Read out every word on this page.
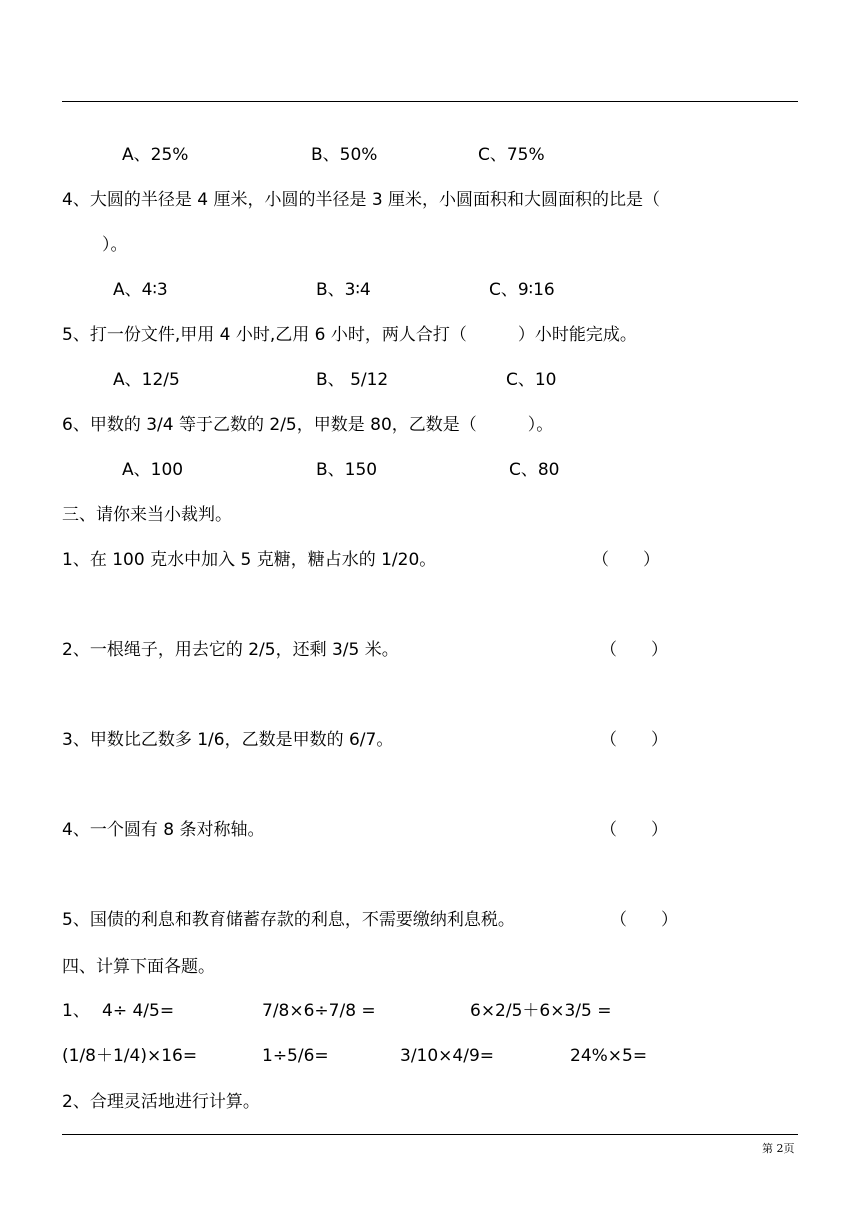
A、25%	B、50%	C、75%
4、大圆的半径是 4 厘米，小圆的半径是 3 厘米，小圆面积和大圆面积的比是（
）。
A、4∶3	B、3∶4	C、9∶16
5、打一份文件,甲用 4 小时,乙用 6 小时，两人合打（　　　）小时能完成。
A、12/5	B、 5/12	C、10
6、甲数的 3/4 等于乙数的 2/5，甲数是 80，乙数是（　　　）。
A、100	B、150	C、80
三、请你来当小裁判。
1、在 100 克水中加入 5 克糖，糖占水的 1/20。	（　　）
2、一根绳子，用去它的 2/5，还剩 3/5 米。	（　　）
3、甲数比乙数多 1/6，乙数是甲数的 6/7。	（　　）
4、一个圆有 8 条对称轴。	（　　）
5、国债的利息和教育储蓄存款的利息，不需要缴纳利息税。	（　　）
四、计算下面各题。
1、 4÷ 4/5=	7/8×6÷7/8 =	6×2/5＋6×3/5 =
(1/8＋1/4)×16=	1÷5/6=	3/10×4/9=	24%×5=
2、合理灵活地进行计算。
第 2页
